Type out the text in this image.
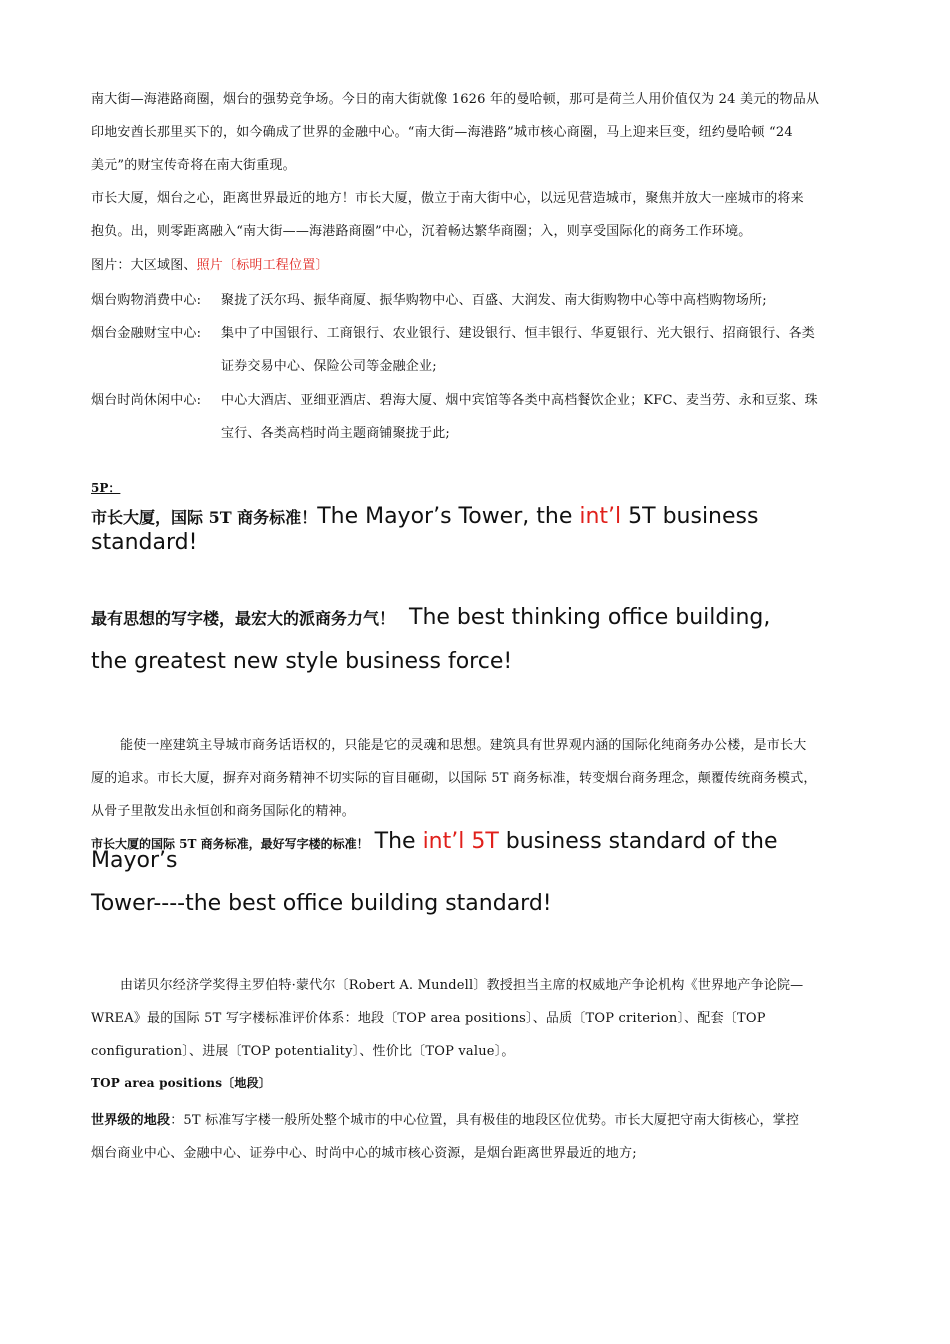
南大街—海港路商圈，烟台的强势竞争场。今日的南大街就像 1626 年的曼哈顿，那可是荷兰人用价值仅为 24 美元的物品从
印地安酋长那里买下的，如今确成了世界的金融中心。“南大街—海港路”城市核心商圈，马上迎来巨变，纽约曼哈顿 “24
美元”的财宝传奇将在南大街重现。
市长大厦，烟台之心，距离世界最近的地方！市长大厦，傲立于南大街中心，以远见营造城市，聚焦并放大一座城市的将来
抱负。出，则零距离融入“南大街——海港路商圈”中心，沉着畅达繁华商圈；入，则享受国际化的商务工作环境。
图片：大区域图、照片〔标明工程位置〕
烟台购物消费中心: 聚拢了沃尔玛、振华商厦、振华购物中心、百盛、大润发、南大街购物中心等中高档购物场所;
烟台金融财宝中心: 集中了中国银行、工商银行、农业银行、建设银行、恒丰银行、华夏银行、光大银行、招商银行、各类
证券交易中心、保险公司等金融企业;
烟台时尚休闲中心: 中心大酒店、亚细亚酒店、碧海大厦、烟中宾馆等各类中高档餐饮企业；KFC、麦当劳、永和豆浆、珠
宝行、各类高档时尚主题商铺聚拢于此;
5P：
市长大厦，国际 5T 商务标准！The Mayor’s Tower, the int’l 5T business
standard!
最有思想的写字楼，最宏大的派商务力气！ The best thinking office building,
the greatest new style business force!
能使一座建筑主导城市商务话语权的，只能是它的灵魂和思想。建筑具有世界观内涵的国际化纯商务办公楼，是市长大
厦的追求。市长大厦，摒弃对商务精神不切实际的盲目砸砌，以国际 5T 商务标准，转变烟台商务理念，颠覆传统商务模式，
从骨子里散发出永恒创和商务国际化的精神。
市长大厦的国际 5T 商务标准，最好写字楼的标准！ The int’l 5T business standard of the
Mayor’s
Tower----the best office building standard!
由诺贝尔经济学奖得主罗伯特·蒙代尔〔Robert A. Mundell〕教授担当主席的权威地产争论机构《世界地产争论院—
WREA》最的国际 5T 写字楼标准评价体系：地段〔TOP area positions〕、品质〔TOP criterion〕、配套〔TOP
configuration〕、进展〔TOP potentiality〕、性价比〔TOP value〕。
TOP area positions〔地段〕
世界级的地段：5T 标准写字楼一般所处整个城市的中心位置，具有极佳的地段区位优势。市长大厦把守南大街核心，掌控
烟台商业中心、金融中心、证券中心、时尚中心的城市核心资源，是烟台距离世界最近的地方;
